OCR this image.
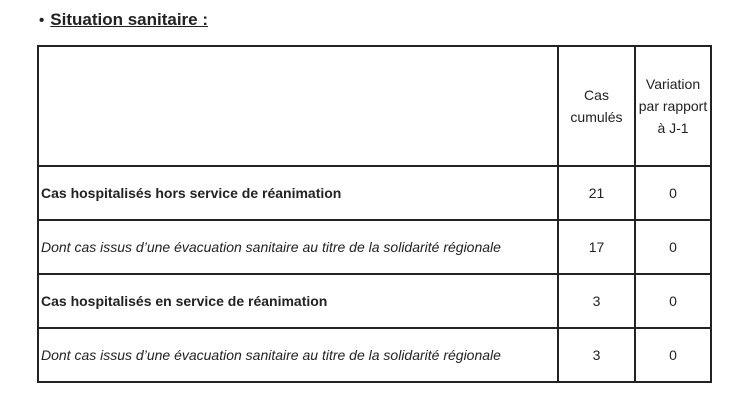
• Situation sanitaire :
	Cas cumulés	Variation par rapport à J-1
Cas hospitalisés hors service de réanimation	21	0
Dont cas issus d’une évacuation sanitaire au titre de la solidarité régionale	17	0
Cas hospitalisés en service de réanimation	3	0
Dont cas issus d’une évacuation sanitaire au titre de la solidarité régionale	3	0
